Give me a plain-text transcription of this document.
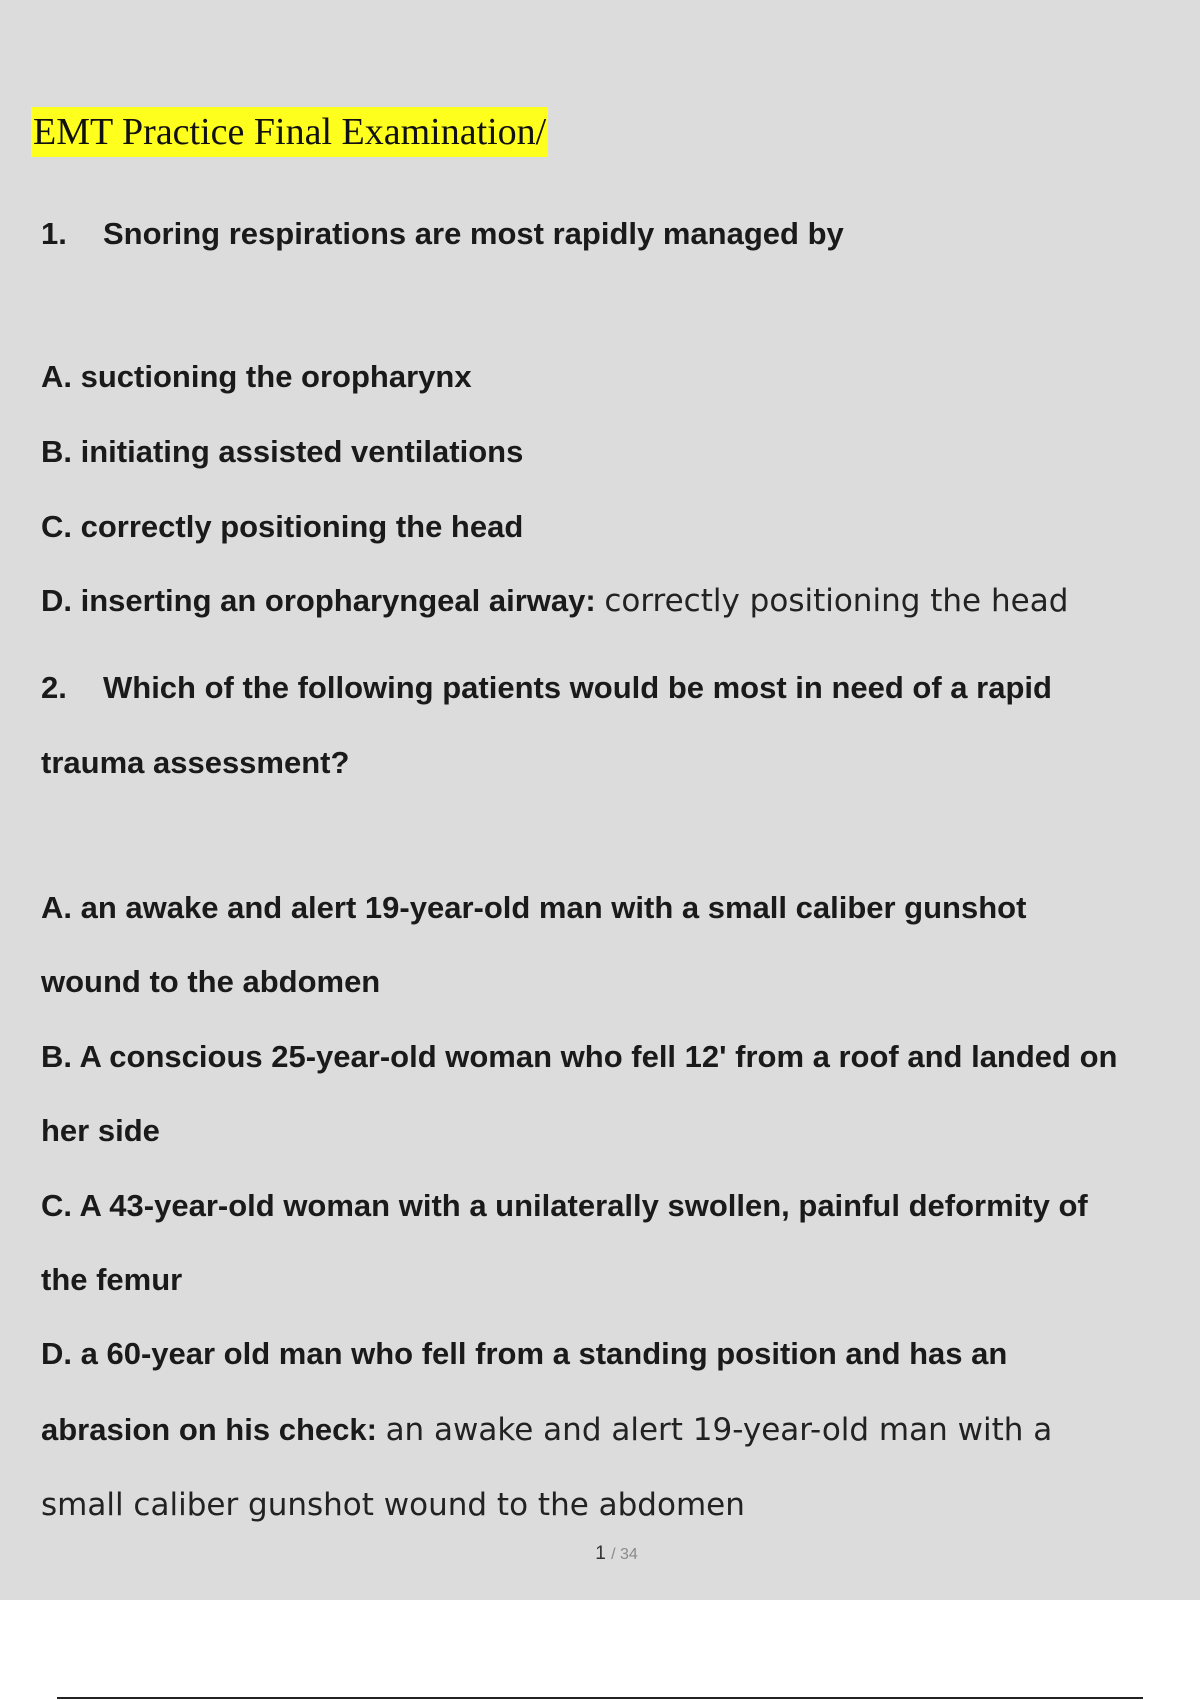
EMT Practice Final Examination/
1. Snoring respirations are most rapidly managed by
A. suctioning the oropharynx
B. initiating assisted ventilations
C. correctly positioning the head
D. inserting an oropharyngeal airway: correctly positioning the head
2. Which of the following patients would be most in need of a rapid
trauma assessment?
A. an awake and alert 19-year-old man with a small caliber gunshot
wound to the abdomen
B. A conscious 25-year-old woman who fell 12' from a roof and landed on
her side
C. A 43-year-old woman with a unilaterally swollen, painful deformity of
the femur
D. a 60-year old man who fell from a standing position and has an
abrasion on his check: an awake and alert 19-year-old man with a
small caliber gunshot wound to the abdomen
1 / 34
